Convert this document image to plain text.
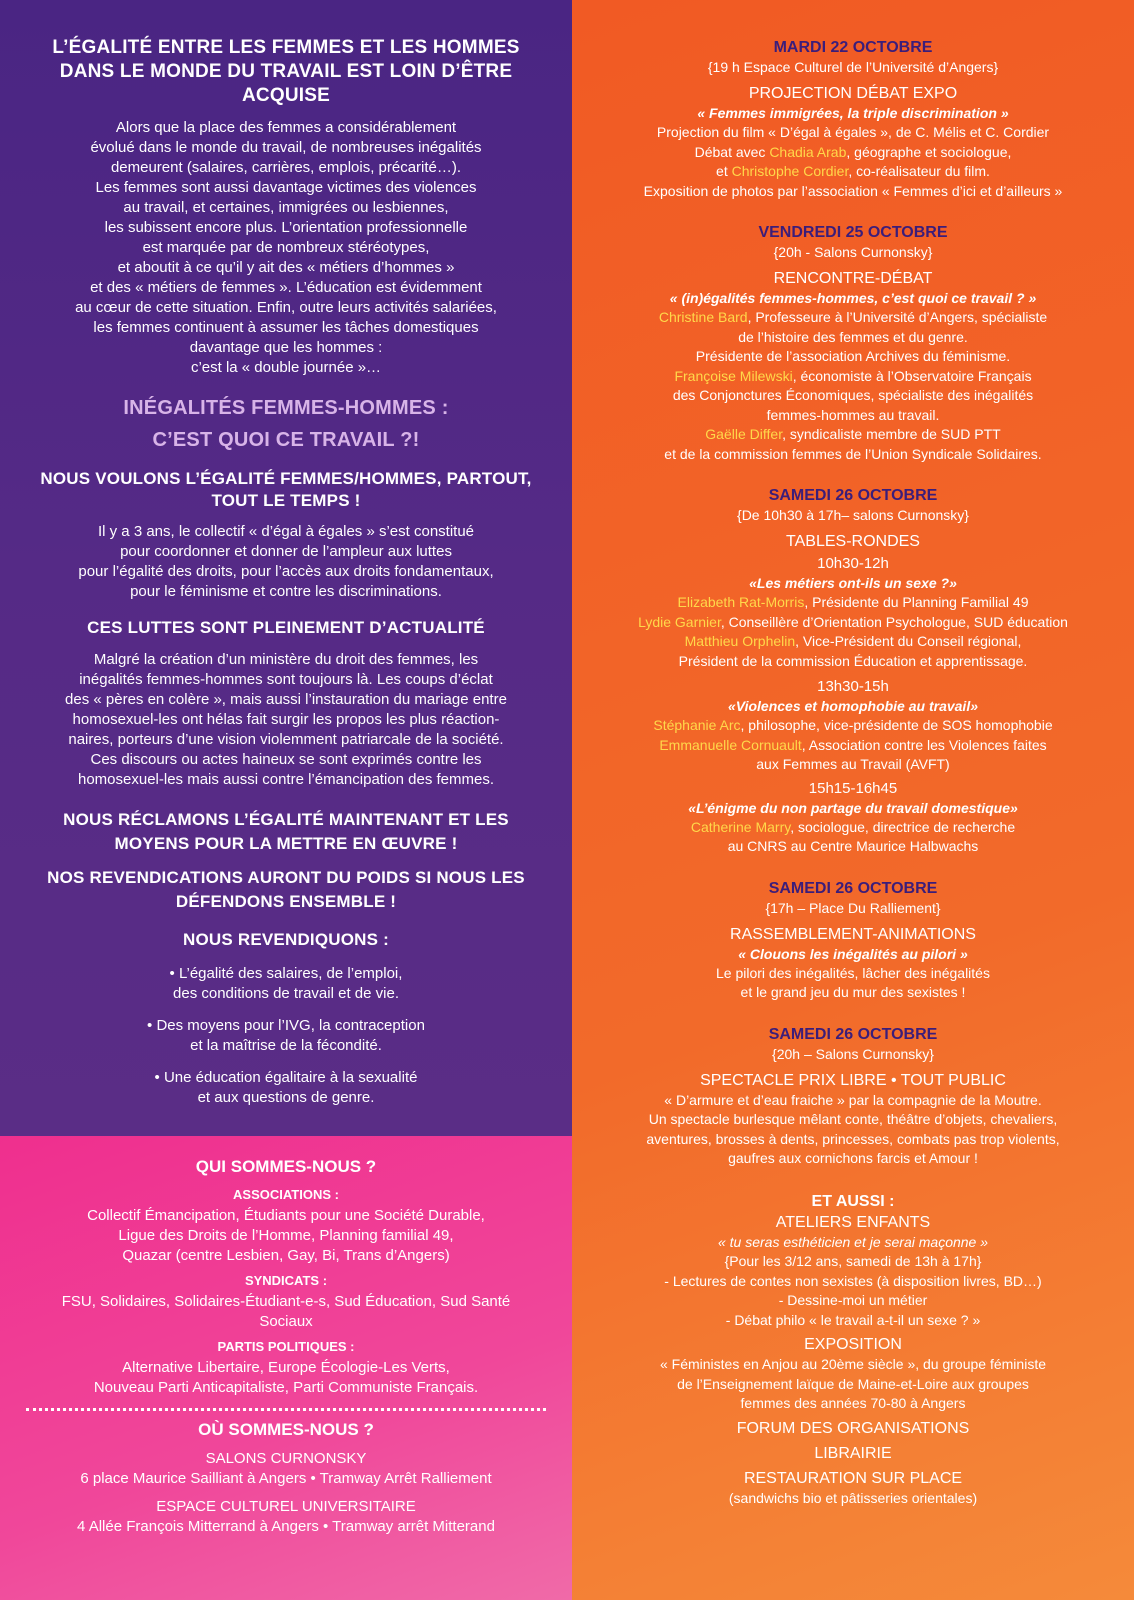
L’ÉGALITÉ ENTRE LES FEMMES ET LES HOMMES DANS LE MONDE DU TRAVAIL EST LOIN D’ÊTRE ACQUISE
Alors que la place des femmes a considérablement
évolué dans le monde du travail, de nombreuses inégalités
demeurent (salaires, carrières, emplois, précarité…).
Les femmes sont aussi davantage victimes des violences
au travail, et certaines, immigrées ou lesbiennes,
les subissent encore plus. L’orientation professionnelle
est marquée par de nombreux stéréotypes,
et aboutit à ce qu’il y ait des « métiers d’hommes »
et des « métiers de femmes ». L’éducation est évidemment
au cœur de cette situation. Enfin, outre leurs activités salariées,
les femmes continuent à assumer les tâches domestiques
davantage que les hommes :
c’est la « double journée »…
INÉGALITÉS FEMMES-HOMMES :
C’EST QUOI CE TRAVAIL ?!
NOUS VOULONS L’ÉGALITÉ FEMMES/HOMMES, PARTOUT, TOUT LE TEMPS !
Il y a 3 ans, le collectif « d’égal à égales » s’est constitué
pour coordonner et donner de l’ampleur aux luttes
pour l’égalité des droits, pour l’accès aux droits fondamentaux,
pour le féminisme et contre les discriminations.
CES LUTTES SONT PLEINEMENT D’ACTUALITÉ
Malgré la création d’un ministère du droit des femmes, les
inégalités femmes-hommes sont toujours là. Les coups d’éclat
des « pères en colère », mais aussi l’instauration du mariage entre
homosexuel-les ont hélas fait surgir les propos les plus réaction-
naires, porteurs d’une vision violemment patriarcale de la société.
Ces discours ou actes haineux se sont exprimés contre les
homosexuel-les mais aussi contre l’émancipation des femmes.
NOUS RÉCLAMONS L’ÉGALITÉ MAINTENANT ET LES MOYENS POUR LA METTRE EN ŒUVRE !
NOS REVENDICATIONS AURONT DU POIDS SI NOUS LES DÉFENDONS ENSEMBLE !
NOUS REVENDIQUONS :
• L’égalité des salaires, de l’emploi,
des conditions de travail et de vie.
• Des moyens pour l’IVG, la contraception
et la maîtrise de la fécondité.
• Une éducation égalitaire à la sexualité
et aux questions de genre.
QUI SOMMES-NOUS ?
ASSOCIATIONS :
Collectif Émancipation, Étudiants pour une Société Durable,
Ligue des Droits de l’Homme, Planning familial 49,
Quazar (centre Lesbien, Gay, Bi, Trans d’Angers)
SYNDICATS :
FSU, Solidaires, Solidaires-Étudiant-e-s, Sud Éducation, Sud Santé
Sociaux
PARTIS POLITIQUES :
Alternative Libertaire, Europe Écologie-Les Verts,
Nouveau Parti Anticapitaliste, Parti Communiste Français.
OÙ SOMMES-NOUS ?
SALONS CURNONSKY
6 place Maurice Sailliant à Angers • Tramway Arrêt Ralliement
ESPACE CULTUREL UNIVERSITAIRE
4 Allée François Mitterrand à Angers • Tramway arrêt Mitterand
MARDI 22 OCTOBRE
{19 h Espace Culturel de l’Université d’Angers}
PROJECTION DÉBAT EXPO
« Femmes immigrées, la triple discrimination »
Projection du film « D’égal à égales », de C. Mélis et C. Cordier
Débat avec Chadia Arab, géographe et sociologue,
et Christophe Cordier, co-réalisateur du film.
Exposition de photos par l’association « Femmes d’ici et d’ailleurs »
VENDREDI 25 OCTOBRE
{20h - Salons Curnonsky}
RENCONTRE-DÉBAT
« (in)égalités femmes-hommes, c’est quoi ce travail ? »
Christine Bard, Professeure à l’Université d’Angers, spécialiste
de l’histoire des femmes et du genre.
Présidente de l’association Archives du féminisme.
Françoise Milewski, économiste à l’Observatoire Français
des Conjonctures Économiques, spécialiste des inégalités
femmes-hommes au travail.
Gaëlle Differ, syndicaliste membre de SUD PTT
et de la commission femmes de l’Union Syndicale Solidaires.
SAMEDI 26 OCTOBRE
{De 10h30 à 17h– salons Curnonsky}
TABLES-RONDES
10h30-12h
«Les métiers ont-ils un sexe ?»
Elizabeth Rat-Morris, Présidente du Planning Familial 49
Lydie Garnier, Conseillère d’Orientation Psychologue, SUD éducation
Matthieu Orphelin, Vice-Président du Conseil régional,
Président de la commission Éducation et apprentissage.
13h30-15h
«Violences et homophobie au travail»
Stéphanie Arc, philosophe, vice-présidente de SOS homophobie
Emmanuelle Cornuault, Association contre les Violences faites
aux Femmes au Travail (AVFT)
15h15-16h45
«L’énigme du non partage du travail domestique»
Catherine Marry, sociologue, directrice de recherche
au CNRS au Centre Maurice Halbwachs
SAMEDI 26 OCTOBRE
{17h – Place Du Ralliement}
RASSEMBLEMENT-ANIMATIONS
« Clouons les inégalités au pilori »
Le pilori des inégalités, lâcher des inégalités
et le grand jeu du mur des sexistes !
SAMEDI 26 OCTOBRE
{20h – Salons Curnonsky}
SPECTACLE PRIX LIBRE • TOUT PUBLIC
« D’armure et d’eau fraiche » par la compagnie de la Moutre.
Un spectacle burlesque mêlant conte, théâtre d’objets, chevaliers,
aventures, brosses à dents, princesses, combats pas trop violents,
gaufres aux cornichons farcis et Amour !
ET AUSSI :
ATELIERS ENFANTS
« tu seras esthéticien et je serai maçonne »
{Pour les 3/12 ans, samedi de 13h à 17h}
- Lectures de contes non sexistes (à disposition livres, BD…)
- Dessine-moi un métier
- Débat philo « le travail a-t-il un sexe ? »
EXPOSITION
« Féministes en Anjou au 20ème siècle », du groupe féministe
de l’Enseignement laïque de Maine-et-Loire aux groupes
femmes des années 70-80 à Angers
FORUM DES ORGANISATIONS
LIBRAIRIE
RESTAURATION SUR PLACE
(sandwichs bio et pâtisseries orientales)
